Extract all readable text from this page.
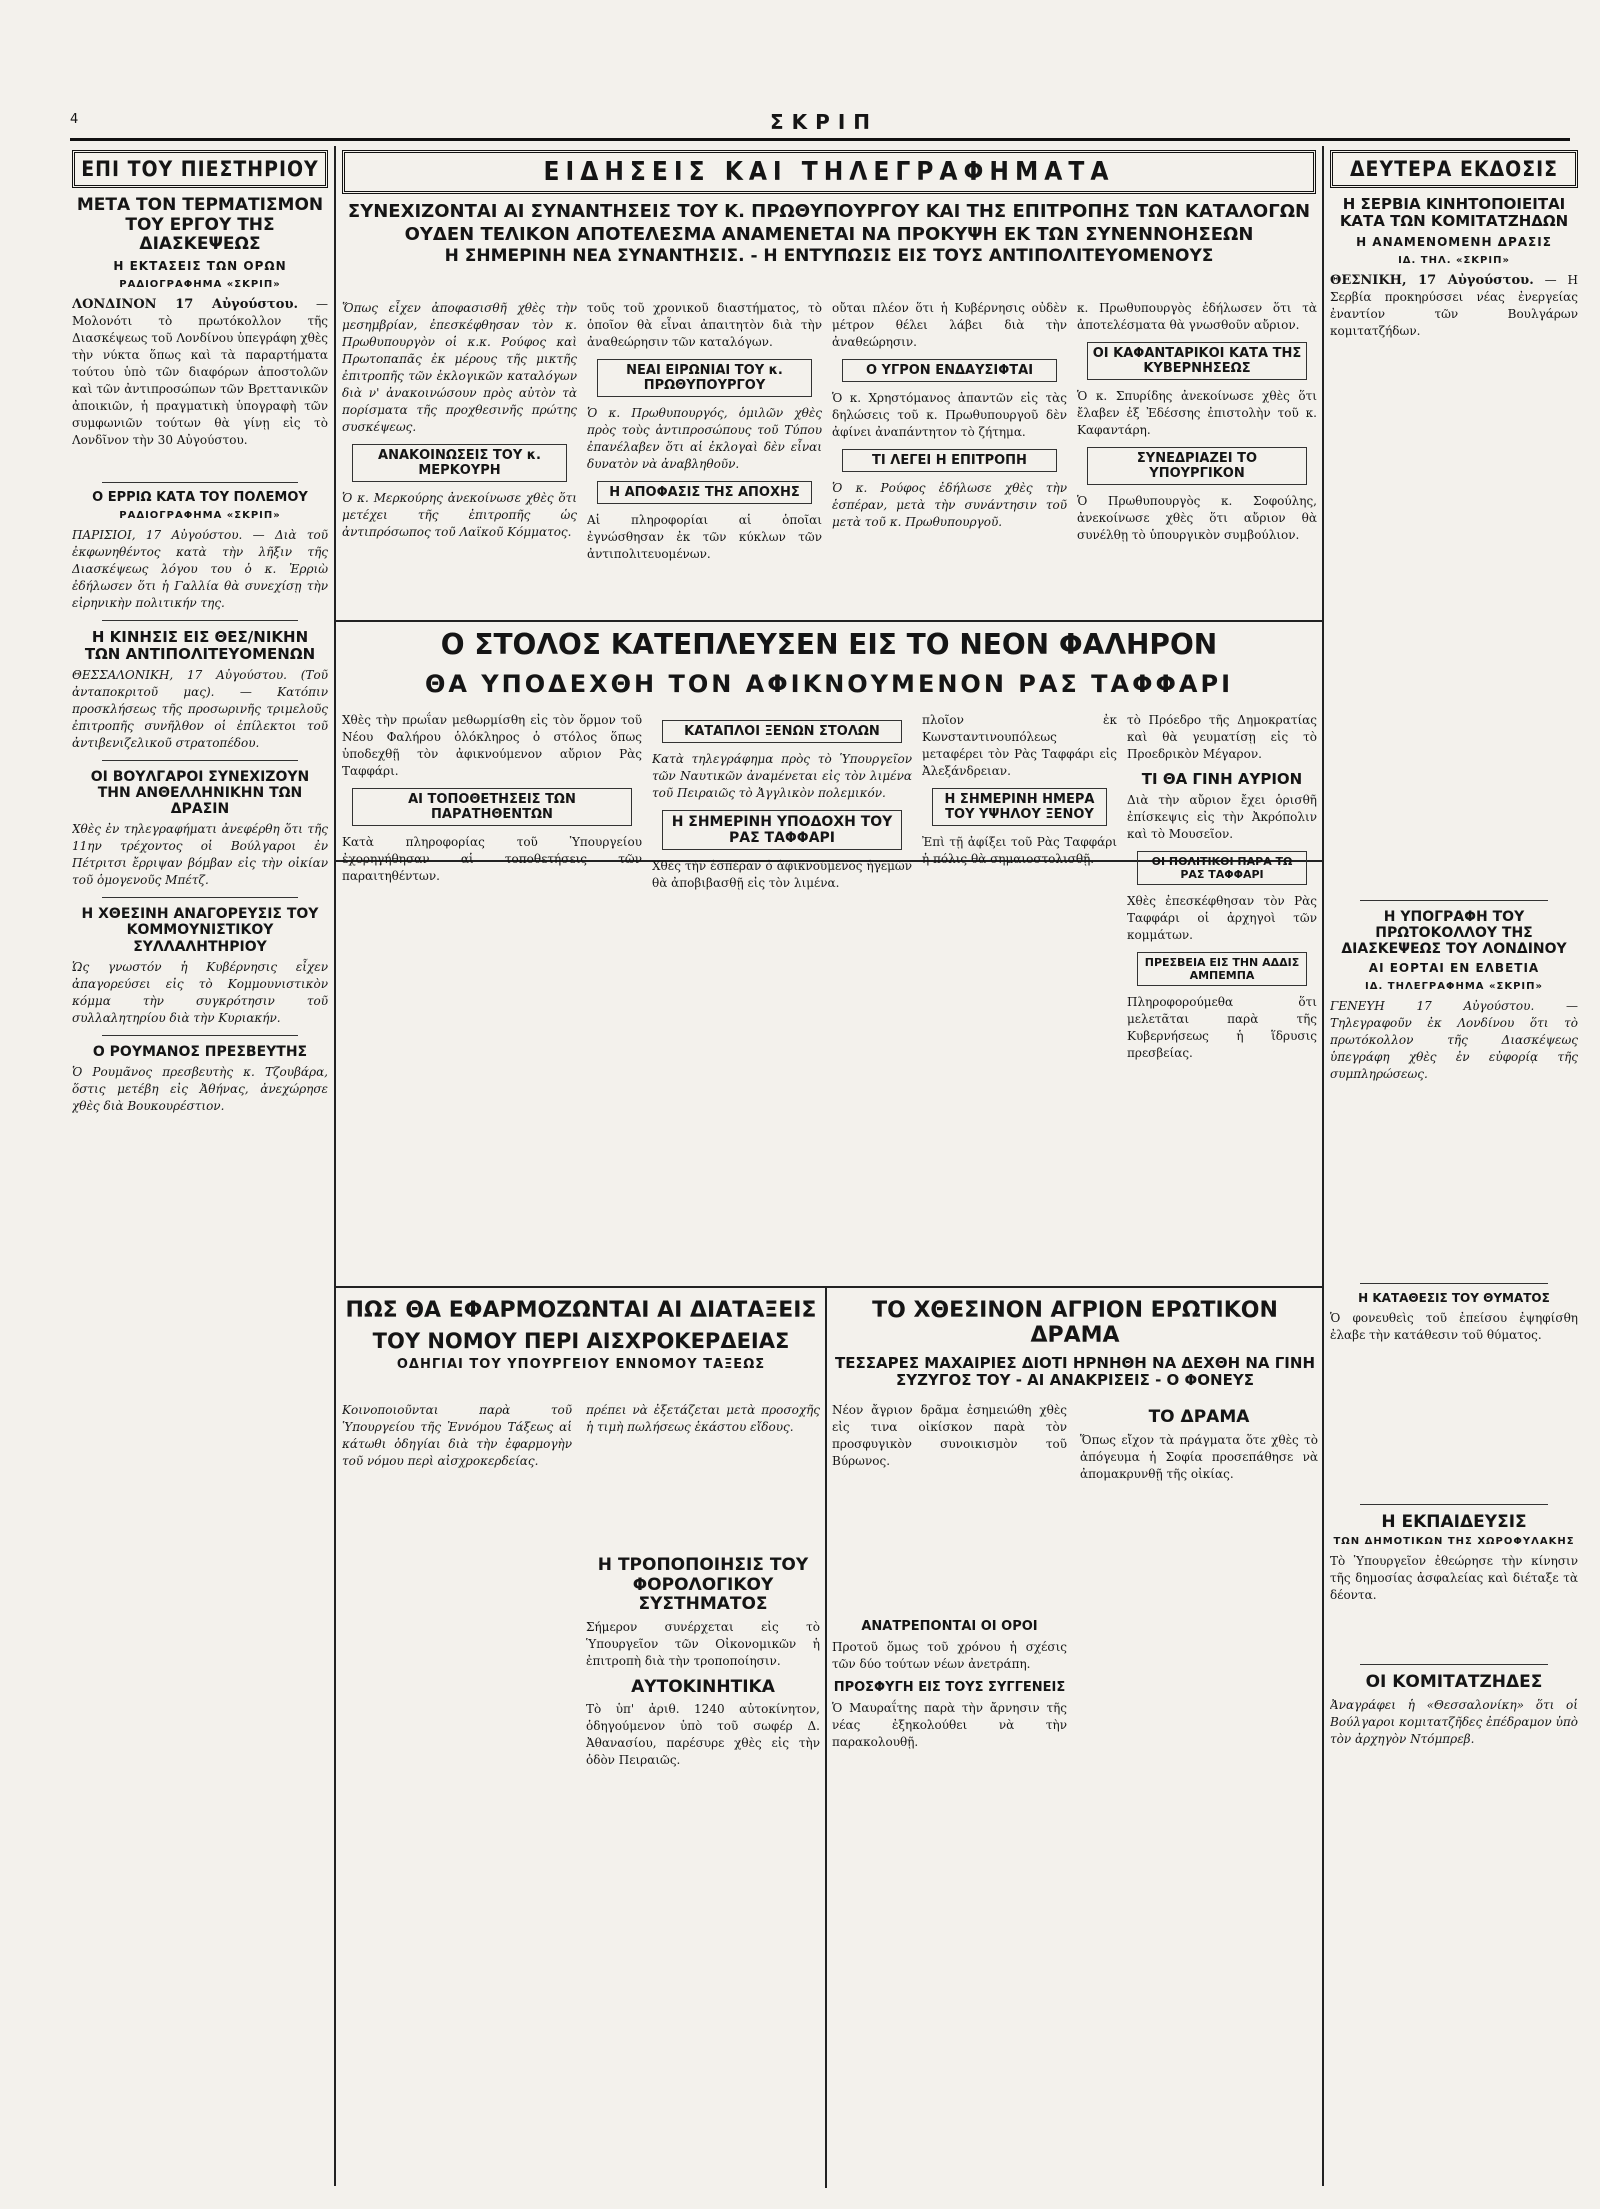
4	ΣΚΡΙΠ
ΕΠΙ ΤΟΥ ΠΙΕΣΤΗΡΙΟΥ
ΜΕΤΑ ΤΟΝ ΤΕΡΜΑΤΙΣΜΟΝ ΤΟΥ ΕΡΓΟΥ ΤΗΣ ΔΙΑΣΚΕΨΕΩΣ
Η ΕΚΤΑΣΕΙΣ ΤΩΝ ΟΡΩΝ
ΡΑΔΙΟΓΡΑΦΗΜΑ «ΣΚΡΙΠ»

ΛΟΝΔΙΝΟΝ 17 Αὐγούστου. — Μολονότι τὸ πρωτόκολλον τῆς Διασκέψεως τοῦ Λονδίνου ὑπεγράφη χθὲς τὴν νύκτα ὅπως καὶ τὰ παραρτήματα τούτου ὑπὸ τῶν διαφόρων ἀποστολῶν καὶ τῶν ἀντιπροσώπων τῶν Βρεττανικῶν ἀποικιῶν, ἡ πραγματικὴ ὑπογραφὴ τῶν συμφωνιῶν τούτων θὰ γίνῃ εἰς τὸ Λονδῖνον τὴν 30 Αὐγούστου.

Ο ΕΡΡΙΩ ΚΑΤΑ ΤΟΥ ΠΟΛΕΜΟΥ
ΡΑΔΙΟΓΡΑΦΗΜΑ «ΣΚΡΙΠ»

ΠΑΡΙΣΙΟΙ, 17 Αὐγούστου. — Διὰ τοῦ ἐκφωνηθέντος κατὰ τὴν λῆξιν τῆς Διασκέψεως λόγου του ὁ κ. Ἐρριὼ ἐδήλωσεν ὅτι ἡ Γαλλία θὰ συνεχίσῃ τὴν εἰρηνικὴν πολιτικήν της.

Η ΚΙΝΗΣΙΣ ΕΙΣ ΘΕΣ/ΝΙΚΗΝ ΤΩΝ ΑΝΤΙΠΟΛΙΤΕΥΟΜΕΝΩΝ

ΘΕΣΣΑΛΟΝΙΚΗ, 17 Αὐγούστου. (Τοῦ ἀνταποκριτοῦ μας). — Κατόπιν προσκλήσεως τῆς προσωρινῆς τριμελοῦς ἐπιτροπῆς συνῆλθον οἱ ἐπίλεκτοι τοῦ ἀντιβενιζελικοῦ στρατοπέδου.

ΟΙ ΒΟΥΛΓΑΡΟΙ ΣΥΝΕΧΙΖΟΥΝ ΤΗΝ ΑΝΘΕΛΛΗΝΙΚΗΝ ΤΩΝ ΔΡΑΣΙΝ

Χθὲς ἐν τηλεγραφήματι ἀνεφέρθη ὅτι τῆς 11ην τρέχοντος οἱ Βούλγαροι ἐν Πέτριτσι ἔρριψαν βόμβαν εἰς τὴν οἰκίαν τοῦ ὁμογενοῦς Μπέτζ.

Η ΧΘΕΣΙΝΗ ΑΝΑΓΟΡΕΥΣΙΣ ΤΟΥ ΚΟΜΜΟΥΝΙΣΤΙΚΟΥ ΣΥΛΛΑΛΗΤΗΡΙΟΥ

Ὡς γνωστόν ἡ Κυβέρνησις εἶχεν ἀπαγορεύσει εἰς τὸ Κομμουνιστικὸν κόμμα τὴν συγκρότησιν τοῦ συλλαλητηρίου διὰ τὴν Κυριακήν.

Ο ΡΟΥΜΑΝΟΣ ΠΡΕΣΒΕΥΤΗΣ

Ὁ Ρουμᾶνος πρεσβευτὴς κ. Τζουβάρα, ὅστις μετέβη εἰς Ἀθήνας, ἀνεχώρησε χθὲς διὰ Βουκουρέστιον.

ΕΙΔΗΣΕΙΣ ΚΑΙ ΤΗΛΕΓΡΑΦΗΜΑΤΑ
ΣΥΝΕΧΙΖΟΝΤΑΙ ΑΙ ΣΥΝΑΝΤΗΣΕΙΣ ΤΟΥ Κ. ΠΡΩΘΥΠΟΥΡΓΟΥ ΚΑΙ ΤΗΣ ΕΠΙΤΡΟΠΗΣ ΤΩΝ ΚΑΤΑΛΟΓΩΝ
ΟΥΔΕΝ ΤΕΛΙΚΟΝ ΑΠΟΤΕΛΕΣΜΑ ΑΝΑΜΕΝΕΤΑΙ ΝΑ ΠΡΟΚΥΨΗ ΕΚ ΤΩΝ ΣΥΝΕΝΝΟΗΣΕΩΝ
Η ΣΗΜΕΡΙΝΗ ΝΕΑ ΣΥΝΑΝΤΗΣΙΣ. - Η ΕΝΤΥΠΩΣΙΣ ΕΙΣ ΤΟΥΣ ΑΝΤΙΠΟΛΙΤΕΥΟΜΕΝΟΥΣ

Ὅπως εἶχεν ἀποφασισθῆ χθὲς τὴν μεσημβρίαν, ἐπεσκέφθησαν τὸν κ. Πρωθυπουργὸν οἱ κ.κ. Ρούφος καὶ Πρωτοπαπᾶς ἐκ μέρους τῆς μικτῆς ἐπιτροπῆς τῶν ἐκλογικῶν καταλόγων διὰ ν' ἀνακοινώσουν πρὸς αὐτὸν τὰ πορίσματα τῆς προχθεσινῆς πρώτης συσκέψεως.

ΑΝΑΚΟΙΝΩΣΕΙΣ ΤΟΥ κ. ΜΕΡΚΟΥΡΗ

Ὁ κ. Μερκούρης ἀνεκοίνωσε χθὲς ὅτι μετέχει τῆς ἐπιτροπῆς ὡς ἀντιπρόσωπος τοῦ Λαϊκοῦ Κόμματος.

τοῦς τοῦ χρονικοῦ διαστήματος, τὸ ὁποῖον θὰ εἶναι ἀπαιτητὸν διὰ τὴν ἀναθεώρησιν τῶν καταλόγων.

ΝΕΑΙ ΕΙΡΩΝΙΑΙ ΤΟΥ κ. ΠΡΩΘΥΠΟΥΡΓΟΥ

Ὁ κ. Πρωθυπουργός, ὁμιλῶν χθὲς πρὸς τοὺς ἀντιπροσώπους τοῦ Τύπου ἐπανέλαβεν ὅτι αἱ ἐκλογαὶ δὲν εἶναι δυνατὸν νὰ ἀναβληθοῦν.

Η ΑΠΟΦΑΣΙΣ ΤΗΣ ΑΠΟΧΗΣ

Αἱ πληροφορίαι αἱ ὁποῖαι ἐγνώσθησαν ἐκ τῶν κύκλων τῶν ἀντιπολιτευομένων.

οὔται πλέον ὅτι ἡ Κυβέρνησις οὐδὲν μέτρον θέλει λάβει διὰ τὴν ἀναθεώρησιν.

Ο ΥΓΡΟΝ ΕΝΔΑΥΣΙΦΤΑΙ

Ὁ κ. Χρηστόμανος ἀπαντῶν εἰς τὰς δηλώσεις τοῦ κ. Πρωθυπουργοῦ δὲν ἀφίνει ἀναπάντητον τὸ ζήτημα.

ΤΙ ΛΕΓΕΙ Η ΕΠΙΤΡΟΠΗ

Ὁ κ. Ρούφος ἐδήλωσε χθὲς τὴν ἑσπέραν, μετὰ τὴν συνάντησιν τοῦ μετὰ τοῦ κ. Πρωθυπουργοῦ.

κ. Πρωθυπουργὸς ἐδήλωσεν ὅτι τὰ ἀποτελέσματα θὰ γνωσθοῦν αὔριον.

ΟΙ ΚΑΦΑΝΤΑΡΙΚΟΙ ΚΑΤΑ ΤΗΣ ΚΥΒΕΡΝΗΣΕΩΣ

Ὁ κ. Σπυρίδης ἀνεκοίνωσε χθὲς ὅτι ἔλαβεν ἐξ Ἐδέσσης ἐπιστολὴν τοῦ κ. Καφαντάρη.

ΣΥΝΕΔΡΙΑΖΕΙ ΤΟ ΥΠΟΥΡΓΙΚΟΝ

Ὁ Πρωθυπουργὸς κ. Σοφούλης, ἀνεκοίνωσε χθὲς ὅτι αὔριον θὰ συνέλθῃ τὸ ὑπουργικὸν συμβούλιον.

Ο ΣΤΟΛΟΣ ΚΑΤΕΠΛΕΥΣΕΝ ΕΙΣ ΤΟ ΝΕΟΝ ΦΑΛΗΡΟΝ
ΘΑ ΥΠΟΔΕΧΘΗ ΤΟΝ ΑΦΙΚΝΟΥΜΕΝΟΝ ΡΑΣ ΤΑΦΦΑΡΙ

Χθὲς τὴν πρωΐαν μεθωρμίσθη εἰς τὸν ὅρμον τοῦ Νέου Φαλήρου ὁλόκληρος ὁ στόλος ὅπως ὑποδεχθῇ τὸν ἀφικνούμενον αὔριον Ρὰς Ταφφάρι.

ΑΙ ΤΟΠΟΘΕΤΗΣΕΙΣ ΤΩΝ ΠΑΡΑΤΗΘΕΝΤΩΝ

Κατὰ πληροφορίας τοῦ Ὑπουργείου ἐχορηγήθησαν αἱ τοποθετήσεις τῶν παραιτηθέντων.

ΚΑΤΑΠΛΟΙ ΞΕΝΩΝ ΣΤΟΛΩΝ

Κατὰ τηλεγράφημα πρὸς τὸ Ὑπουργεῖον τῶν Ναυτικῶν ἀναμένεται εἰς τὸν λιμένα τοῦ Πειραιῶς τὸ Ἀγγλικὸν πολεμικόν.

Η ΣΗΜΕΡΙΝΗ ΥΠΟΔΟΧΗ ΤΟΥ ΡΑΣ ΤΑΦΦΑΡΙ

Χθὲς τὴν ἑσπέραν ὁ ἀφικνούμενος ἡγεμὼν θὰ ἀποβιβασθῇ εἰς τὸν λιμένα.

πλοῖον ἐκ Κωνσταντινουπόλεως μεταφέρει τὸν Ρὰς Ταφφάρι εἰς Ἀλεξάνδρειαν.

Η ΣΗΜΕΡΙΝΗ ΗΜΕΡΑ ΤΟΥ ΥΨΗΛΟΥ ΞΕΝΟΥ

Ἐπὶ τῇ ἀφίξει τοῦ Ρὰς Ταφφάρι ἡ πόλις θὰ σημαιοστολισθῇ.

τὸ Πρόεδρο τῆς Δημοκρατίας καὶ θὰ γευματίσῃ εἰς τὸ Προεδρικὸν Μέγαρον.

ΤΙ ΘΑ ΓΙΝΗ ΑΥΡΙΟΝ

Διὰ τὴν αὔριον ἔχει ὁρισθῆ ἐπίσκεψις εἰς τὴν Ἀκρόπολιν καὶ τὸ Μουσεῖον.

ΟΙ ΠΟΛΙΤΙΚΟΙ ΠΑΡΑ ΤΩ ΡΑΣ ΤΑΦΦΑΡΙ

Χθὲς ἐπεσκέφθησαν τὸν Ρὰς Ταφφάρι οἱ ἀρχηγοὶ τῶν κομμάτων.

ΠΡΕΣΒΕΙΑ ΕΙΣ ΤΗΝ ΑΔΔΙΣ ΑΜΠΕΜΠΑ

Πληροφορούμεθα ὅτι μελετᾶται παρὰ τῆς Κυβερνήσεως ἡ ἵδρυσις πρεσβείας.

ΠΩΣ ΘΑ ΕΦΑΡΜΟΖΩΝΤΑΙ ΑΙ ΔΙΑΤΑΞΕΙΣ
ΤΟΥ ΝΟΜΟΥ ΠΕΡΙ ΑΙΣΧΡΟΚΕΡΔΕΙΑΣ
ΟΔΗΓΙΑΙ ΤΟΥ ΥΠΟΥΡΓΕΙΟΥ ΕΝΝΟΜΟΥ ΤΑΞΕΩΣ

Κοινοποιοῦνται παρὰ τοῦ Ὑπουργείου τῆς Ἐννόμου Τάξεως αἱ κάτωθι ὁδηγίαι διὰ τὴν ἐφαρμογὴν τοῦ νόμου περὶ αἰσχροκερδείας.

πρέπει νὰ ἐξετάζεται μετὰ προσοχῆς ἡ τιμὴ πωλήσεως ἑκάστου εἴδους.

Η ΤΡΟΠΟΠΟΙΗΣΙΣ ΤΟΥ ΦΟΡΟΛΟΓΙΚΟΥ ΣΥΣΤΗΜΑΤΟΣ

Σήμερον συνέρχεται εἰς τὸ Ὑπουργεῖον τῶν Οἰκονομικῶν ἡ ἐπιτροπὴ διὰ τὴν τροποποίησιν.

ΑΥΤΟΚΙΝΗΤΙΚΑ

Τὸ ὑπ' ἀριθ. 1240 αὐτοκίνητον, ὁδηγούμενον ὑπὸ τοῦ σωφέρ Δ. Ἀθανασίου, παρέσυρε χθὲς εἰς τὴν ὁδὸν Πειραιῶς.

ΤΟ ΧΘΕΣΙΝΟΝ ΑΓΡΙΟΝ ΕΡΩΤΙΚΟΝ ΔΡΑΜΑ
ΤΕΣΣΑΡΕΣ ΜΑΧΑΙΡΙΕΣ ΔΙΟΤΙ ΗΡΝΗΘΗ ΝΑ ΔΕΧΘΗ ΝΑ ΓΙΝΗ ΣΥΖΥΓΟΣ ΤΟΥ - ΑΙ ΑΝΑΚΡΙΣΕΙΣ - Ο ΦΟΝΕΥΣ

Νέον ἄγριον δρᾶμα ἐσημειώθη χθὲς εἰς τινα οἰκίσκον παρὰ τὸν προσφυγικὸν συνοικισμὸν τοῦ Βύρωνος.

ΑΝΑΤΡΕΠΟΝΤΑΙ ΟΙ ΟΡΟΙ

Προτοῦ ὅμως τοῦ χρόνου ἡ σχέσις τῶν δύο τούτων νέων ἀνετράπη.

ΠΡΟΣΦΥΓΗ ΕΙΣ ΤΟΥΣ ΣΥΓΓΕΝΕΙΣ

Ὁ Μαυραΐτης παρὰ τὴν ἄρνησιν τῆς νέας ἐξηκολούθει νὰ τὴν παρακολουθῇ.

ΤΟ ΔΡΑΜΑ

Ὅπως εἴχον τὰ πράγματα ὅτε χθὲς τὸ ἀπόγευμα ἡ Σοφία προσεπάθησε νὰ ἀπομακρυνθῇ τῆς οἰκίας.

ΔΕΥΤΕΡΑ ΕΚΔΟΣΙΣ
Η ΣΕΡΒΙΑ ΚΙΝΗΤΟΠΟΙΕΙΤΑΙ ΚΑΤΑ ΤΩΝ ΚΟΜΙΤΑΤΖΗΔΩΝ
Η ΑΝΑΜΕΝΟΜΕΝΗ ΔΡΑΣΙΣ
ΙΔ. ΤΗΛ. «ΣΚΡΙΠ»

ΘΕΣΝΙΚΗ, 17 Αὐγούστου. — Η Σερβία προκηρύσσει νέας ἐνεργείας ἐναντίον τῶν Βουλγάρων κομιτατζήδων.

Η ΥΠΟΓΡΑΦΗ ΤΟΥ ΠΡΩΤΟΚΟΛΛΟΥ ΤΗΣ ΔΙΑΣΚΕΨΕΩΣ ΤΟΥ ΛΟΝΔΙΝΟΥ
ΑΙ ΕΟΡΤΑΙ ΕΝ ΕΛΒΕΤΙΑ
ΙΔ. ΤΗΛΕΓΡΑΦΗΜΑ «ΣΚΡΙΠ»

ΓΕΝΕΥΗ 17 Αὐγούστου. — Τηλεγραφοῦν ἐκ Λονδίνου ὅτι τὸ πρωτόκολλον τῆς Διασκέψεως ὑπεγράφη χθὲς ἐν εὐφορίᾳ τῆς συμπληρώσεως.

Η ΚΑΤΑΘΕΣΙΣ ΤΟΥ ΘΥΜΑΤΟΣ

Ὁ φονευθεὶς τοῦ ἐπείσου ἐψηφίσθη ἐλαβε τὴν κατάθεσιν τοῦ θύματος.

Η ΕΚΠΑΙΔΕΥΣΙΣ
ΤΩΝ ΔΗΜΟΤΙΚΩΝ ΤΗΣ ΧΩΡΟΦΥΛΑΚΗΣ

Τὸ Ὑπουργεῖον ἐθεώρησε τὴν κίνησιν τῆς δημοσίας ἀσφαλείας καὶ διέταξε τὰ δέοντα.

ΟΙ ΚΟΜΙΤΑΤΖΗΔΕΣ

Ἀναγράφει ἡ «Θεσσαλονίκη» ὅτι οἱ Βούλγαροι κομιτατζῆδες ἐπέδραμον ὑπὸ τὸν ἀρχηγὸν Ντόμπρεβ.
